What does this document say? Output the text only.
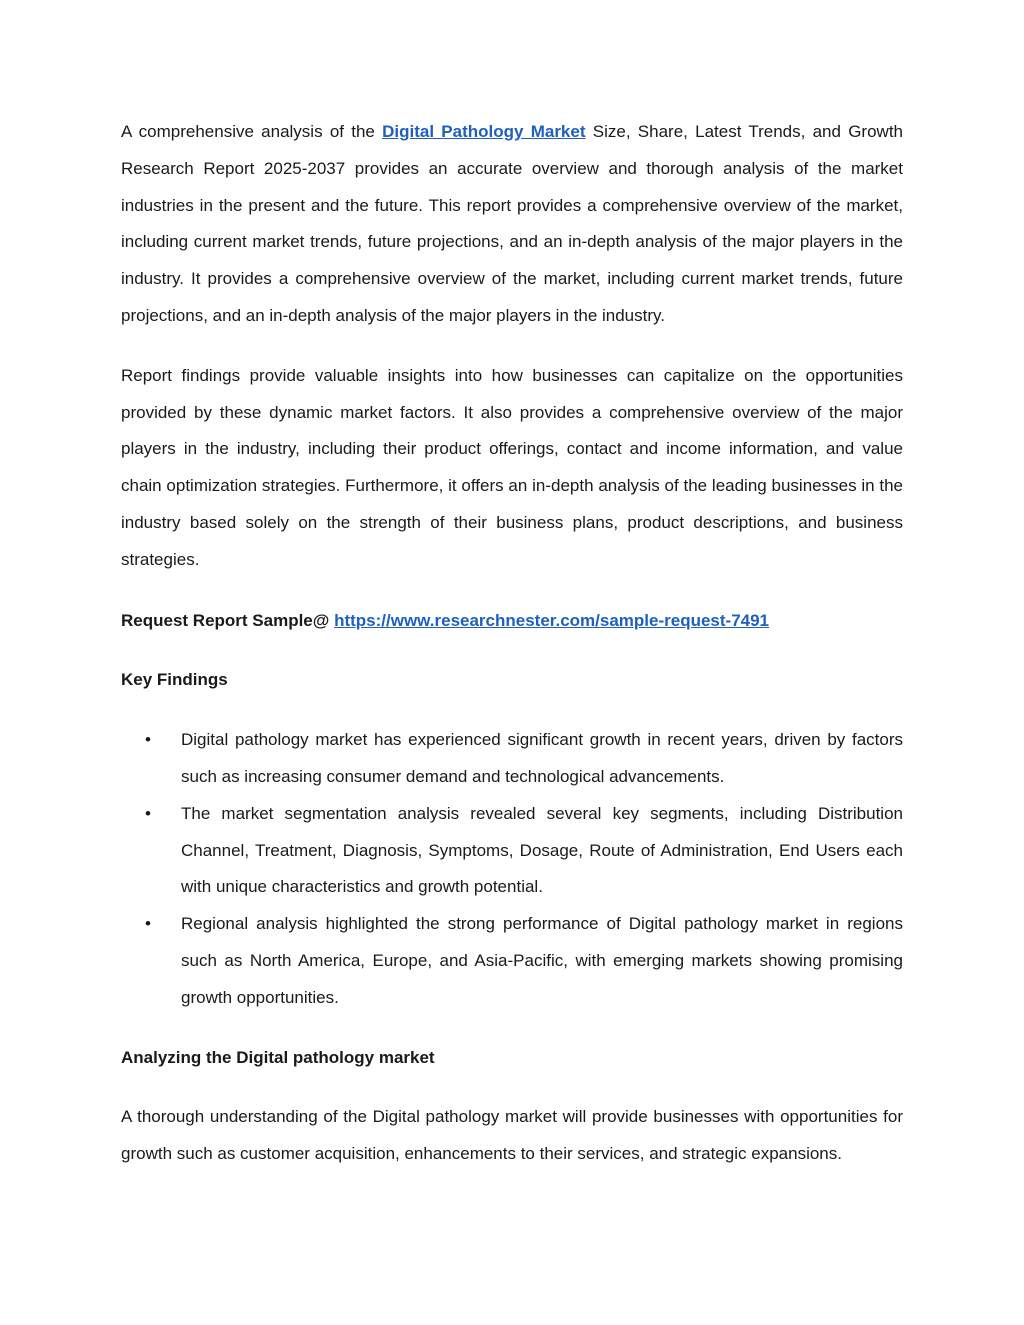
A comprehensive analysis of the Digital Pathology Market Size, Share, Latest Trends, and Growth Research Report 2025-2037 provides an accurate overview and thorough analysis of the market industries in the present and the future. This report provides a comprehensive overview of the market, including current market trends, future projections, and an in-depth analysis of the major players in the industry. It provides a comprehensive overview of the market, including current market trends, future projections, and an in-depth analysis of the major players in the industry.

Report findings provide valuable insights into how businesses can capitalize on the opportunities provided by these dynamic market factors. It also provides a comprehensive overview of the major players in the industry, including their product offerings, contact and income information, and value chain optimization strategies. Furthermore, it offers an in-depth analysis of the leading businesses in the industry based solely on the strength of their business plans, product descriptions, and business strategies.

Request Report Sample@ https://www.researchnester.com/sample-request-7491

Key Findings

• Digital pathology market has experienced significant growth in recent years, driven by factors such as increasing consumer demand and technological advancements.

• The market segmentation analysis revealed several key segments, including Distribution Channel, Treatment, Diagnosis, Symptoms, Dosage, Route of Administration, End Users each with unique characteristics and growth potential.

• Regional analysis highlighted the strong performance of Digital pathology market in regions such as North America, Europe, and Asia-Pacific, with emerging markets showing promising growth opportunities.

Analyzing the Digital pathology market

A thorough understanding of the Digital pathology market will provide businesses with opportunities for growth such as customer acquisition, enhancements to their services, and strategic expansions.
